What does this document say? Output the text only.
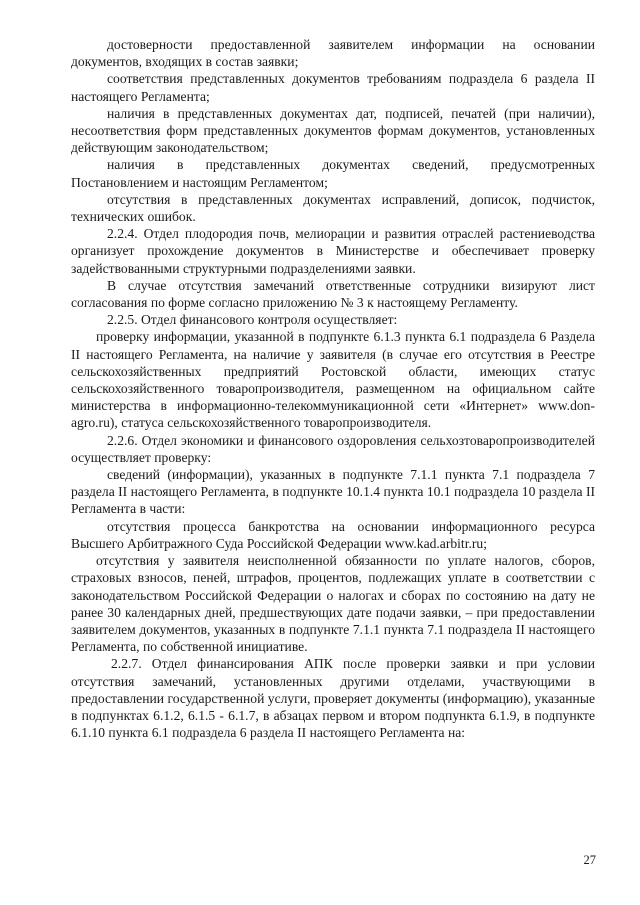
достоверности предоставленной заявителем информации на основании документов, входящих в состав заявки;

соответствия представленных документов требованиям подраздела 6 раздела II настоящего Регламента;

наличия в представленных документах дат, подписей, печатей (при наличии), несоответствия форм представленных документов формам документов, установленных действующим законодательством;

наличия в представленных документах сведений, предусмотренных Постановлением и настоящим Регламентом;

отсутствия в представленных документах исправлений, дописок, подчисток, технических ошибок.

2.2.4. Отдел плодородия почв, мелиорации и развития отраслей растениеводства организует прохождение документов в Министерстве и обеспечивает проверку задействованными структурными подразделениями заявки.

В случае отсутствия замечаний ответственные сотрудники визируют лист согласования по форме согласно приложению № 3 к настоящему Регламенту.

2.2.5. Отдел финансового контроля осуществляет:

проверку информации, указанной в подпункте 6.1.3 пункта 6.1 подраздела 6 Раздела II настоящего Регламента, на наличие у заявителя (в случае его отсутствия в Реестре сельскохозяйственных предприятий Ростовской области, имеющих статус сельскохозяйственного товаропроизводителя, размещенном на официальном сайте министерства в информационно-телекоммуникационной сети «Интернет» www.don-agro.ru), статуса сельскохозяйственного товаропроизводителя.

2.2.6. Отдел экономики и финансового оздоровления сельхозтоваропроизводителей осуществляет проверку:

сведений (информации), указанных в подпункте 7.1.1 пункта 7.1 подраздела 7 раздела II настоящего Регламента, в подпункте 10.1.4 пункта 10.1 подраздела 10 раздела II Регламента в части:

отсутствия процесса банкротства на основании информационного ресурса Высшего Арбитражного Суда Российской Федерации www.kad.arbitr.ru;

отсутствия у заявителя неисполненной обязанности по уплате налогов, сборов, страховых взносов, пеней, штрафов, процентов, подлежащих уплате в соответствии с законодательством Российской Федерации о налогах и сборах по состоянию на дату не ранее 30 календарных дней, предшествующих дате подачи заявки, – при предоставлении заявителем документов, указанных в подпункте 7.1.1 пункта 7.1 подраздела II настоящего Регламента, по собственной инициативе.

2.2.7. Отдел финансирования АПК после проверки заявки и при условии отсутствия замечаний, установленных другими отделами, участвующими в предоставлении государственной услуги, проверяет документы (информацию), указанные в подпунктах 6.1.2, 6.1.5 - 6.1.7, в абзацах первом и втором подпункта 6.1.9, в подпункте 6.1.10 пункта 6.1 подраздела 6 раздела II настоящего Регламента на:

27
